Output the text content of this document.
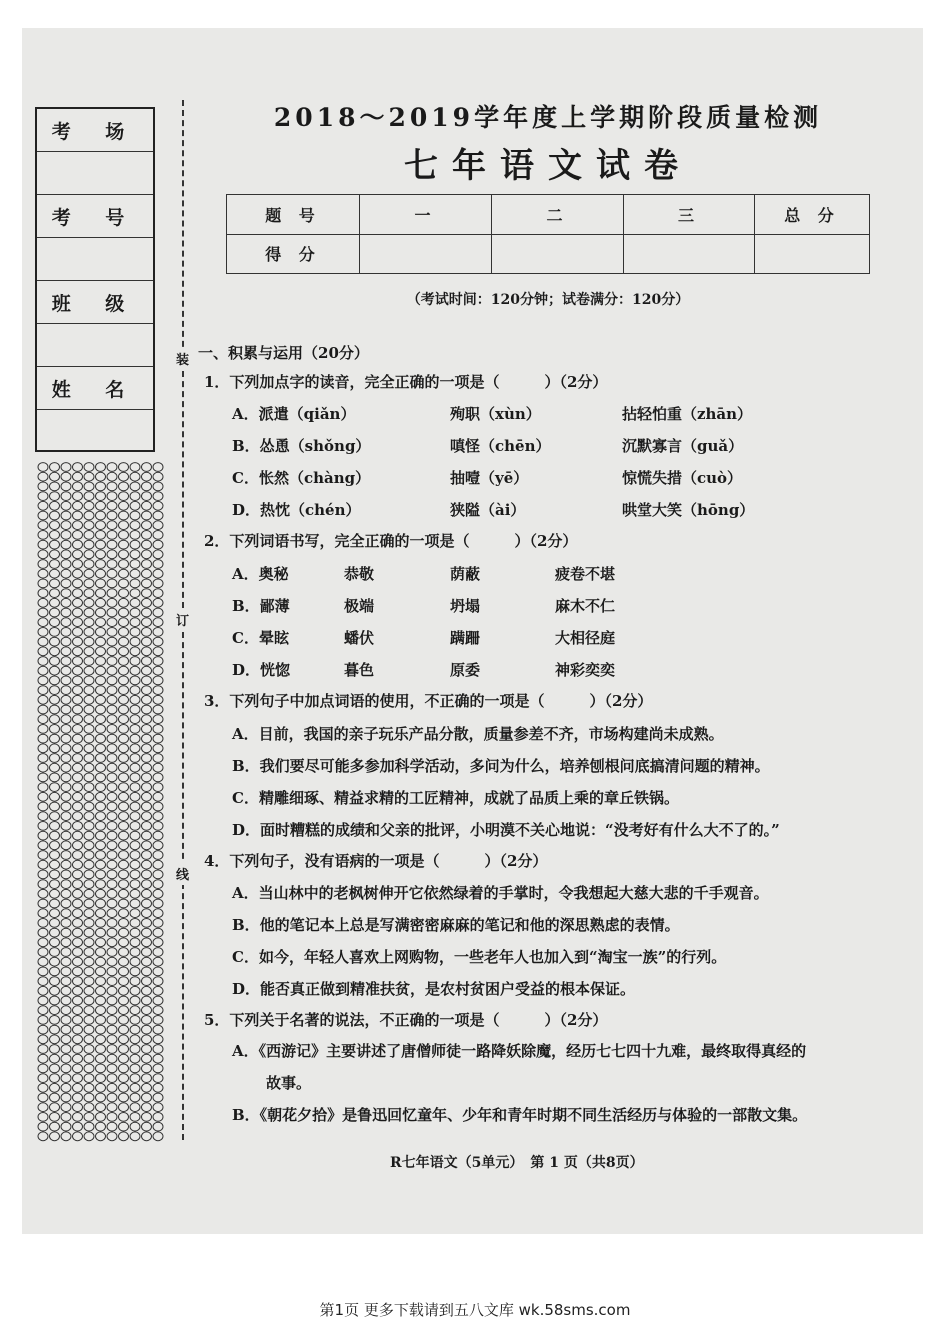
考 场
考 号
班 级
姓 名
装
订
线
2018～2019学年度上学期阶段质量检测
七年语文试卷
题 号	一	二	三	总 分
得 分				
（考试时间：120分钟；试卷满分：120分）
一、积累与运用（20分）
1．下列加点字的读音，完全正确的一项是（　　　）（2分）
A．派遣（qiǎn）	殉职（xùn）	拈轻怕重（zhān）
B．怂恿（shǒng）	嗔怪（chēn）	沉默寡言（guǎ）
C．怅然（chàng）	抽噎（yē）	惊慌失措（cuò）
D．热忱（chén）	狭隘（ài）	哄堂大笑（hōng）
2．下列词语书写，完全正确的一项是（　　　）（2分）
A．奥秘	恭敬	荫蔽	疲卷不堪
B．鄙薄	极端	坍塌	麻木不仁
C．晕眩	蟠伏	蹒跚	大相径庭
D．恍惚	暮色	原委	神彩奕奕
3．下列句子中加点词语的使用，不正确的一项是（　　　）（2分）
A．目前，我国的亲子玩乐产品分散，质量参差不齐，市场构建尚未成熟。
B．我们要尽可能多参加科学活动，多问为什么，培养刨根问底搞清问题的精神。
C．精雕细琢、精益求精的工匠精神，成就了品质上乘的章丘铁锅。
D．面时糟糕的成绩和父亲的批评，小明漠不关心地说：“没考好有什么大不了的。”
4．下列句子，没有语病的一项是（　　　）（2分）
A．当山林中的老枫树伸开它依然绿着的手掌时，令我想起大慈大悲的千手观音。
B．他的笔记本上总是写满密密麻麻的笔记和他的深思熟虑的表情。
C．如今，年轻人喜欢上网购物，一些老年人也加入到“淘宝一族”的行列。
D．能否真正做到精准扶贫，是农村贫困户受益的根本保证。
5．下列关于名著的说法，不正确的一项是（　　　）（2分）
A．《西游记》主要讲述了唐僧师徒一路降妖除魔，经历七七四十九难，最终取得真经的
故事。
B．《朝花夕拾》是鲁迅回忆童年、少年和青年时期不同生活经历与体验的一部散文集。
R七年语文（5单元）　第 1 页（共8页）
第1页 更多下载请到五八文库 wk.58sms.com
